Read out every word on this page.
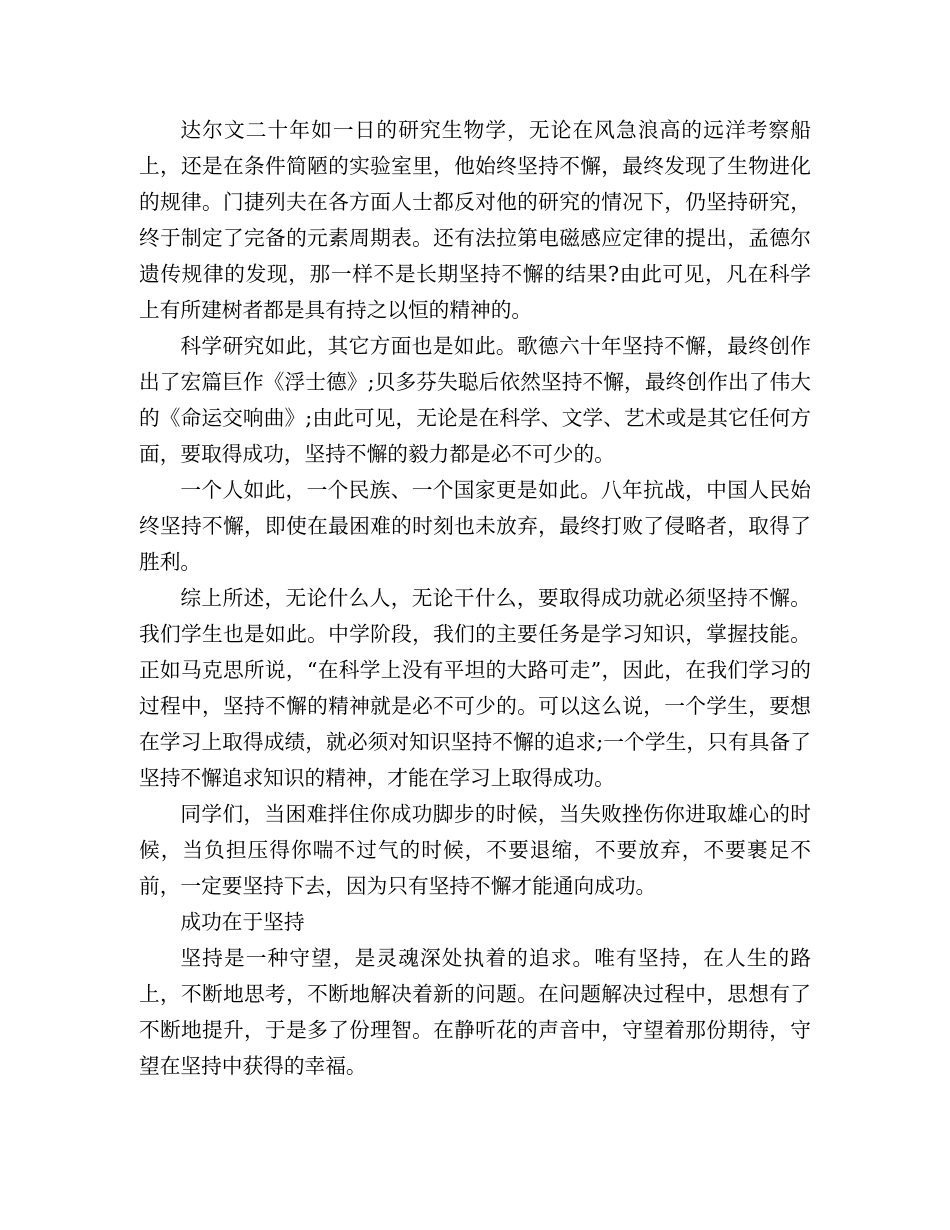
达尔文二十年如一日的研究生物学，无论在风急浪高的远洋考察船上，还是在条件简陋的实验室里，他始终坚持不懈，最终发现了生物进化的规律。门捷列夫在各方面人士都反对他的研究的情况下，仍坚持研究，终于制定了完备的元素周期表。还有法拉第电磁感应定律的提出，孟德尔遗传规律的发现，那一样不是长期坚持不懈的结果?由此可见，凡在科学上有所建树者都是具有持之以恒的精神的。

科学研究如此，其它方面也是如此。歌德六十年坚持不懈，最终创作出了宏篇巨作《浮士德》;贝多芬失聪后依然坚持不懈，最终创作出了伟大的《命运交响曲》;由此可见，无论是在科学、文学、艺术或是其它任何方面，要取得成功，坚持不懈的毅力都是必不可少的。

一个人如此，一个民族、一个国家更是如此。八年抗战，中国人民始终坚持不懈，即使在最困难的时刻也未放弃，最终打败了侵略者，取得了胜利。

综上所述，无论什么人，无论干什么，要取得成功就必须坚持不懈。我们学生也是如此。中学阶段，我们的主要任务是学习知识，掌握技能。正如马克思所说，“在科学上没有平坦的大路可走”，因此，在我们学习的过程中，坚持不懈的精神就是必不可少的。可以这么说，一个学生，要想在学习上取得成绩，就必须对知识坚持不懈的追求;一个学生，只有具备了坚持不懈追求知识的精神，才能在学习上取得成功。

同学们，当困难拌住你成功脚步的时候，当失败挫伤你进取雄心的时候，当负担压得你喘不过气的时候，不要退缩，不要放弃，不要裹足不前，一定要坚持下去，因为只有坚持不懈才能通向成功。

成功在于坚持

坚持是一种守望，是灵魂深处执着的追求。唯有坚持，在人生的路上，不断地思考，不断地解决着新的问题。在问题解决过程中，思想有了不断地提升，于是多了份理智。在静听花的声音中，守望着那份期待，守望在坚持中获得的幸福。
